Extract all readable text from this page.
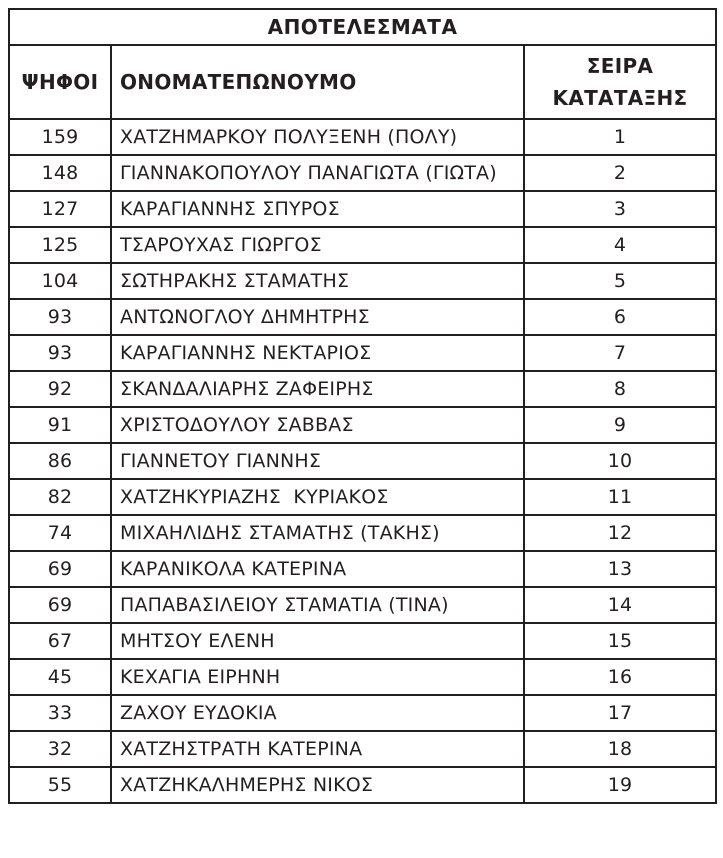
ΑΠΟΤΕΛΕΣΜΑΤΑ		
ΨΗΦΟΙ	ΟΝΟΜΑΤΕΠΩΝΟΥΜΟ	ΣΕΙΡΑ
ΚΑΤΑΤΑΞΗΣ

159	ΧΑΤΖΗΜΑΡΚΟΥ ΠΟΛΥΞΕΝΗ (ΠΟΛΥ)	1
148	ΓΙΑΝΝΑΚΟΠΟΥΛΟΥ ΠΑΝΑΓΙΩΤΑ (ΓΙΩΤΑ)	2
127	ΚΑΡΑΓΙΑΝΝΗΣ ΣΠΥΡΟΣ	3
125	ΤΣΑΡΟΥΧΑΣ ΓΙΩΡΓΟΣ	4
104	ΣΩΤΗΡΑΚΗΣ ΣΤΑΜΑΤΗΣ	5
93	ΑΝΤΩΝΟΓΛΟΥ ΔΗΜΗΤΡΗΣ	6
93	ΚΑΡΑΓΙΑΝΝΗΣ ΝΕΚΤΑΡΙΟΣ	7
92	ΣΚΑΝΔΑΛΙΑΡΗΣ ΖΑΦΕΙΡΗΣ	8
91	ΧΡΙΣΤΟΔΟΥΛΟΥ ΣΑΒΒΑΣ	9
86	ΓΙΑΝΝΕΤΟΥ ΓΙΑΝΝΗΣ	10
82	ΧΑΤΖΗΚΥΡΙΑΖΗΣ  ΚΥΡΙΑΚΟΣ	11
74	ΜΙΧΑΗΛΙΔΗΣ ΣΤΑΜΑΤΗΣ (ΤΑΚΗΣ)	12
69	ΚΑΡΑΝΙΚΟΛΑ ΚΑΤΕΡΙΝΑ	13
69	ΠΑΠΑΒΑΣΙΛΕΙΟΥ ΣΤΑΜΑΤΙΑ (ΤΙΝΑ)	14
67	ΜΗΤΣΟΥ ΕΛΕΝΗ	15
45	ΚΕΧΑΓΙΑ ΕΙΡΗΝΗ	16
33	ΖΑΧΟΥ ΕΥΔΟΚΙΑ	17
32	ΧΑΤΖΗΣΤΡΑΤΗ ΚΑΤΕΡΙΝΑ	18
55	ΧΑΤΖΗΚΑΛΗΜΕΡΗΣ ΝΙΚΟΣ	19
